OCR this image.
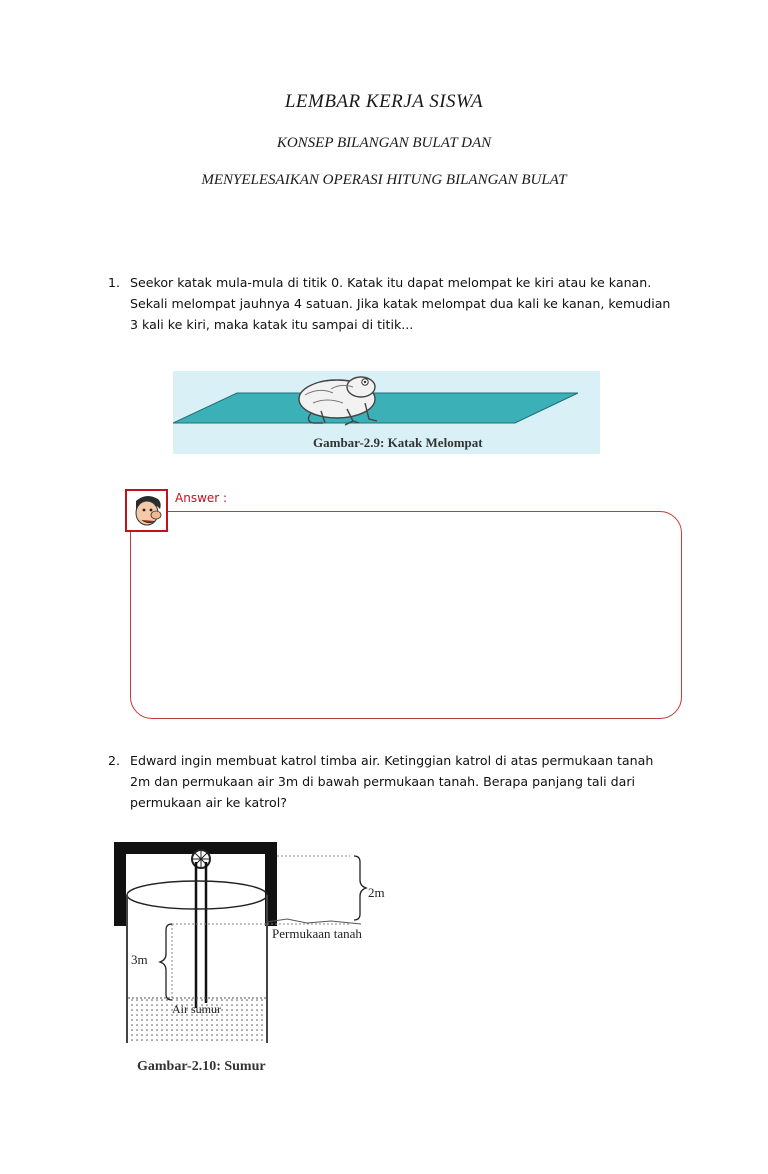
LEMBAR KERJA SISWA
KONSEP BILANGAN BULAT DAN
MENYELESAIKAN OPERASI HITUNG BILANGAN BULAT
1. Seekor katak mula-mula di titik 0. Katak itu dapat melompat ke kiri atau ke kanan.
Sekali melompat jauhnya 4 satuan. Jika katak melompat dua kali ke kanan, kemudian
3 kali ke kiri, maka katak itu sampai di titik...
Gambar-2.9: Katak Melompat
Answer :
2. Edward ingin membuat katrol timba air. Ketinggian katrol di atas permukaan tanah
2m dan permukaan air 3m di bawah permukaan tanah. Berapa panjang tali dari
permukaan air ke katrol?
2m
Permukaan tanah
3m
Air sumur
Gambar-2.10: Sumur
